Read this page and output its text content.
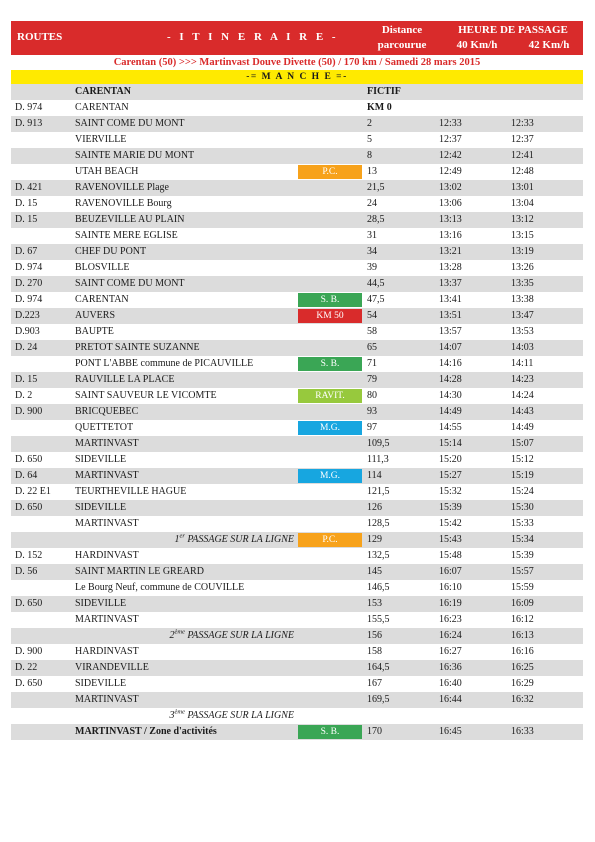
ROUTES	- I T I N E R A I R E -
Distance
parcourue
HEURE DE PASSAGE
40 Km/h	42 Km/h
Carentan (50) >>> Martinvast Douve Divette (50) / 170 km / Samedi 28 mars 2015
-= M A N C H E =-
CARENTAN	FICTIF
D. 974	CARENTAN	KM 0
D. 913	SAINT COME DU MONT	2	12:33	12:33
VIERVILLE	5	12:37	12:37
SAINTE MARIE DU MONT	8	12:42	12:41
UTAH BEACH	P.C.	13	12:49	12:48
D. 421	RAVENOVILLE Plage	21,5	13:02	13:01
D. 15	RAVENOVILLE Bourg	24	13:06	13:04
D. 15	BEUZEVILLE AU PLAIN	28,5	13:13	13:12
SAINTE MERE EGLISE	31	13:16	13:15
D. 67	CHEF DU PONT	34	13:21	13:19
D. 974	BLOSVILLE	39	13:28	13:26
D. 270	SAINT COME DU MONT	44,5	13:37	13:35
D. 974	CARENTAN	S. B.	47,5	13:41	13:38
D.223	AUVERS	KM 50	54	13:51	13:47
D.903	BAUPTE	58	13:57	13:53
D. 24	PRETOT SAINTE SUZANNE	65	14:07	14:03
PONT L'ABBE commune de PICAUVILLE	S. B.	71	14:16	14:11
D. 15	RAUVILLE LA PLACE	79	14:28	14:23
D. 2	SAINT SAUVEUR LE VICOMTE	RAVIT.	80	14:30	14:24
D. 900	BRICQUEBEC	93	14:49	14:43
QUETTETOT	M.G.	97	14:55	14:49
MARTINVAST	109,5	15:14	15:07
D. 650	SIDEVILLE	111,3	15:20	15:12
D. 64	MARTINVAST	M.G.	114	15:27	15:19
D. 22 E1 TEURTHEVILLE HAGUE	121,5	15:32	15:24
D. 650	SIDEVILLE	126	15:39	15:30
MARTINVAST	128,5	15:42	15:33
1er PASSAGE SUR LA LIGNE	P.C.	129	15:43	15:34
D. 152	HARDINVAST	132,5	15:48	15:39
D. 56	SAINT MARTIN LE GREARD	145	16:07	15:57
Le Bourg Neuf, commune de COUVILLE	146,5	16:10	15:59
D. 650	SIDEVILLE	153	16:19	16:09
MARTINVAST	155,5	16:23	16:12
2ème PASSAGE SUR LA LIGNE	156	16:24	16:13
D. 900	HARDINVAST	158	16:27	16:16
D. 22	VIRANDEVILLE	164,5	16:36	16:25
D. 650	SIDEVILLE	167	16:40	16:29
MARTINVAST	169,5	16:44	16:32
3ème PASSAGE SUR LA LIGNE
MARTINVAST / Zone d'activités	S. B.	170	16:45	16:33
